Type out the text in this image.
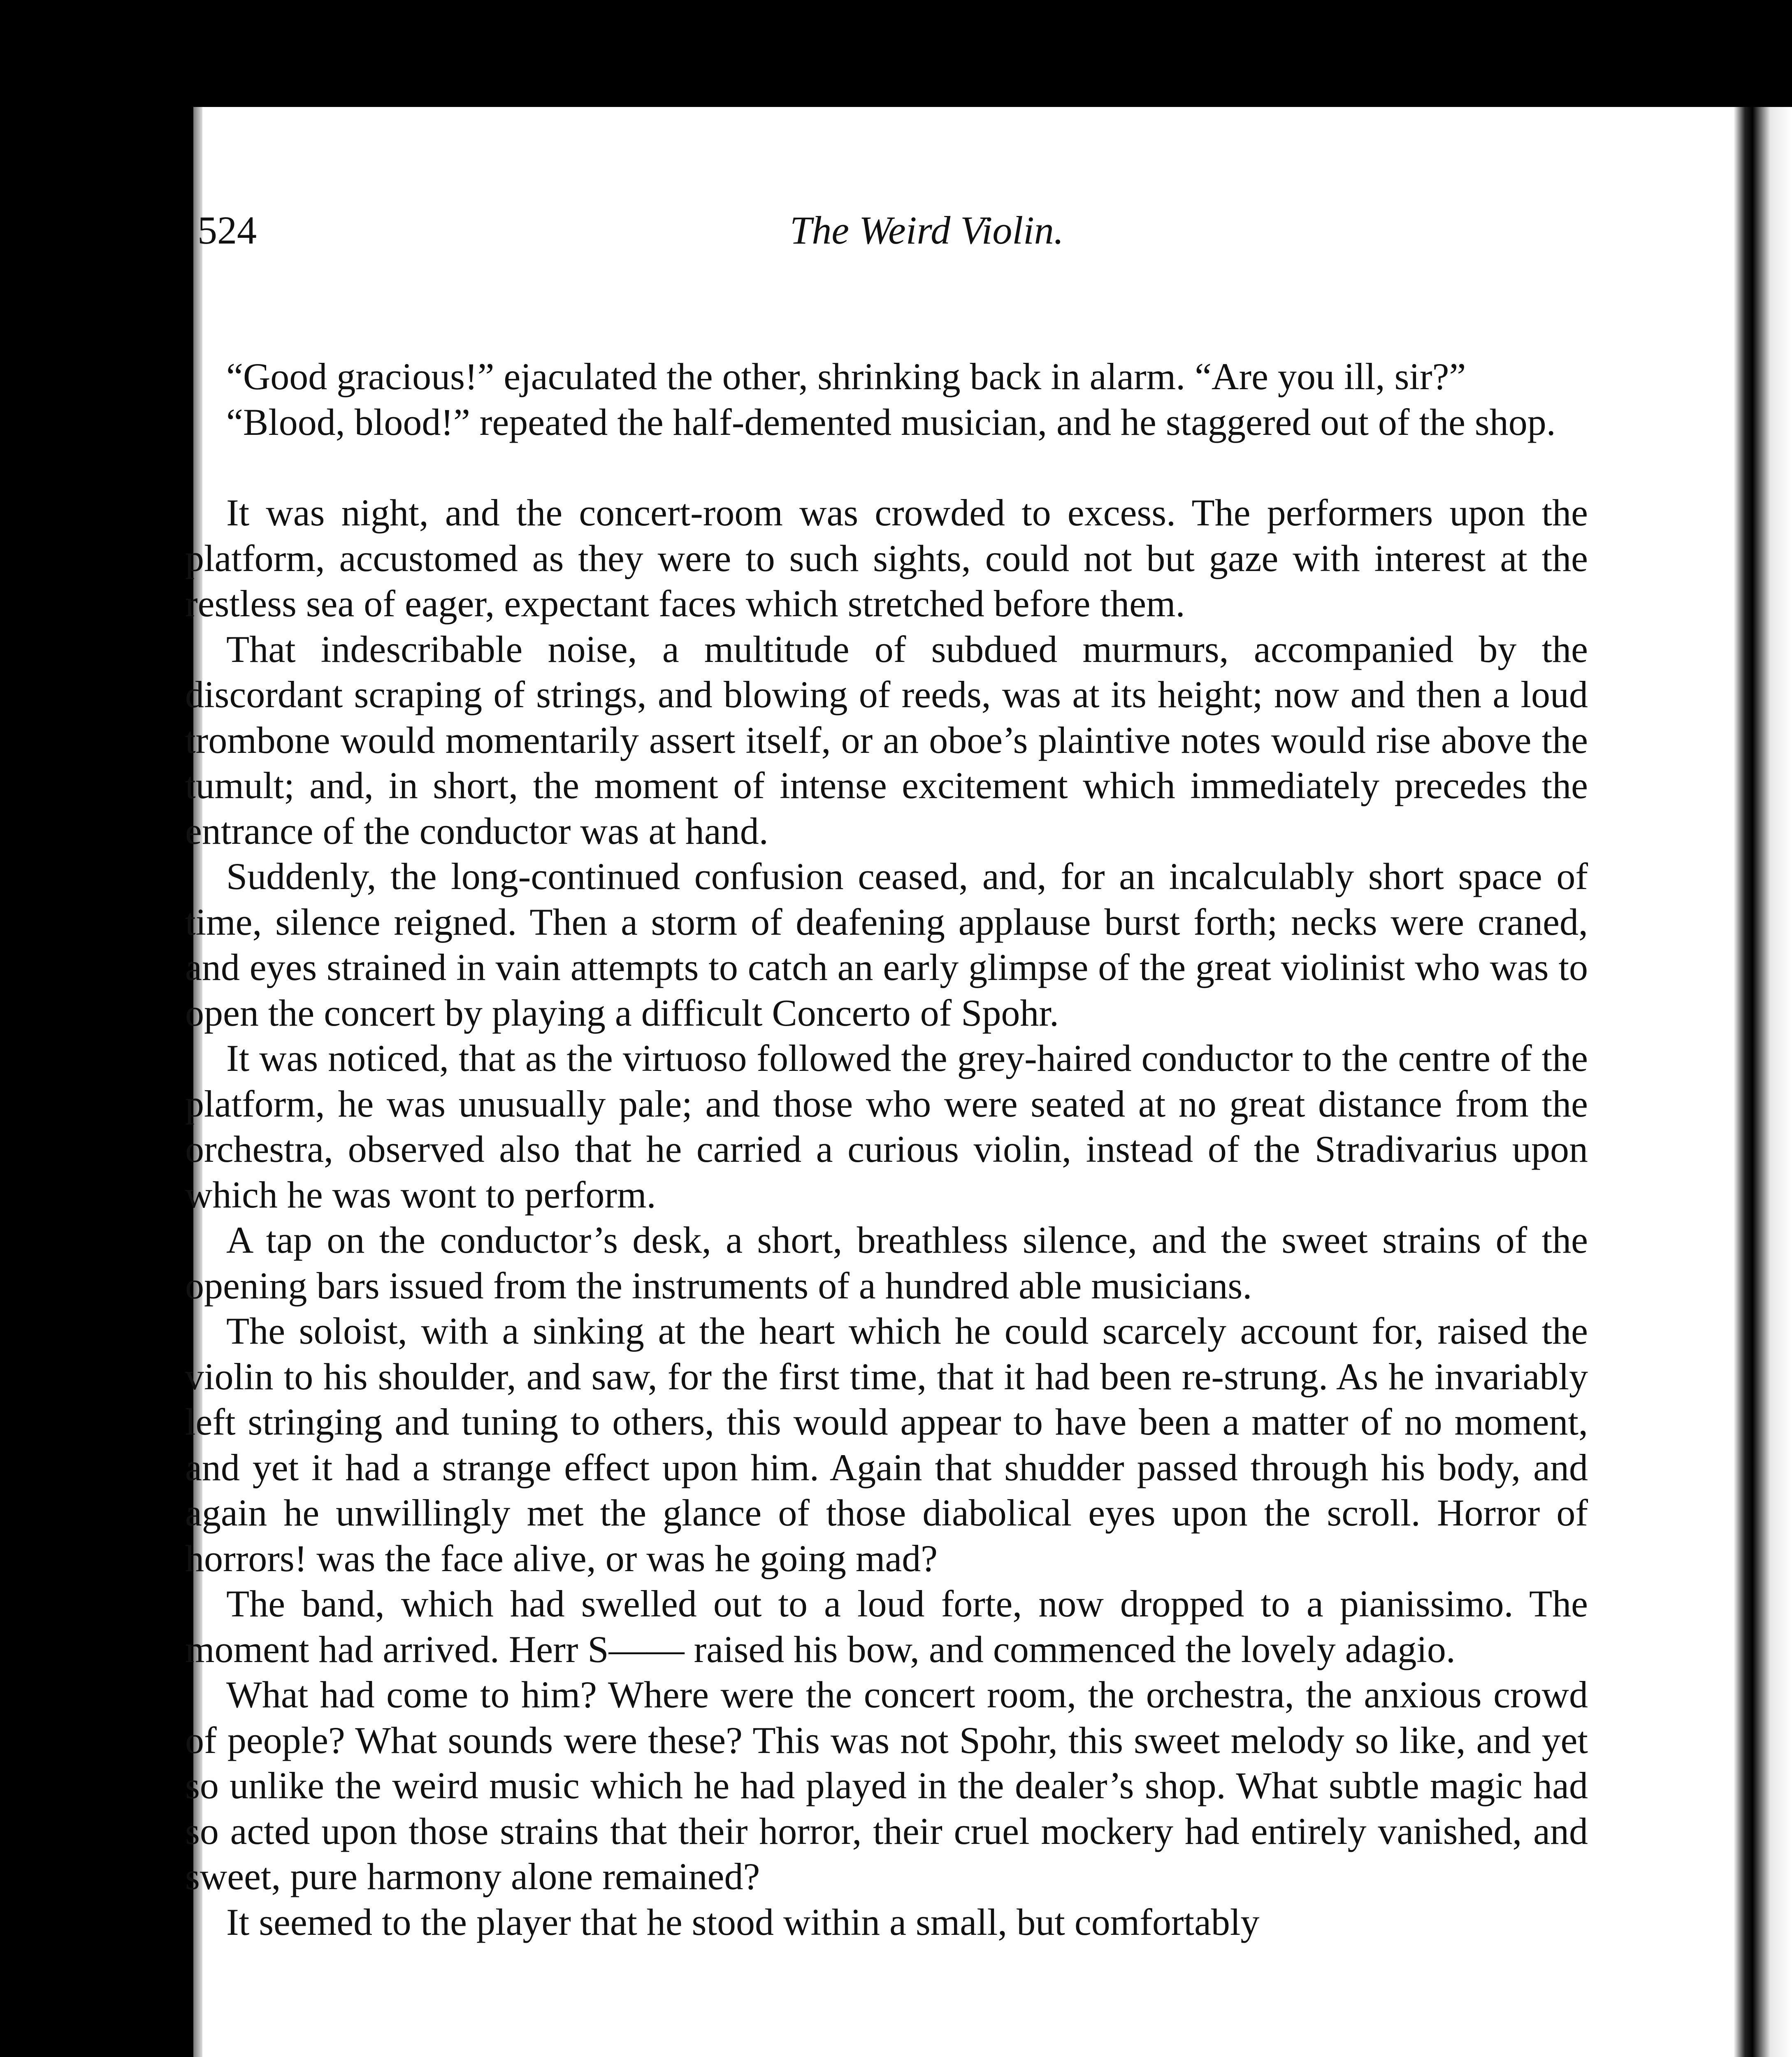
524	The Weird Violin.

“Good gracious!” ejaculated the other, shrinking back in alarm. “Are you ill, sir?”

“Blood, blood!” repeated the half-demented musician, and he staggered out of the shop.

It was night, and the concert-room was crowded to excess. The performers upon the platform, accustomed as they were to such sights, could not but gaze with interest at the restless sea of eager, expectant faces which stretched before them.

That indescribable noise, a multitude of subdued murmurs, accompanied by the discordant scraping of strings, and blowing of reeds, was at its height; now and then a loud trombone would momentarily assert itself, or an oboe’s plaintive notes would rise above the tumult; and, in short, the moment of intense excitement which immediately precedes the entrance of the conductor was at hand.

Suddenly, the long-continued confusion ceased, and, for an incalculably short space of time, silence reigned. Then a storm of deafening applause burst forth; necks were craned, and eyes strained in vain attempts to catch an early glimpse of the great violinist who was to open the concert by playing a difficult Concerto of Spohr.

It was noticed, that as the virtuoso followed the grey-haired conductor to the centre of the platform, he was unusually pale; and those who were seated at no great distance from the orchestra, observed also that he carried a curious violin, instead of the Stradivarius upon which he was wont to perform.

A tap on the conductor’s desk, a short, breathless silence, and the sweet strains of the opening bars issued from the instruments of a hundred able musicians.

The soloist, with a sinking at the heart which he could scarcely account for, raised the violin to his shoulder, and saw, for the first time, that it had been re-strung. As he invariably left stringing and tuning to others, this would appear to have been a matter of no moment, and yet it had a strange effect upon him. Again that shudder passed through his body, and again he unwillingly met the glance of those diabolical eyes upon the scroll. Horror of horrors! was the face alive, or was he going mad?

The band, which had swelled out to a loud forte, now dropped to a pianissimo. The moment had arrived. Herr S—— raised his bow, and commenced the lovely adagio.

What had come to him? Where were the concert room, the orchestra, the anxious crowd of people? What sounds were these? This was not Spohr, this sweet melody so like, and yet so unlike the weird music which he had played in the dealer’s shop. What subtle magic had so acted upon those strains that their horror, their cruel mockery had entirely vanished, and sweet, pure harmony alone remained?

It seemed to the player that he stood within a small, but comfortably
